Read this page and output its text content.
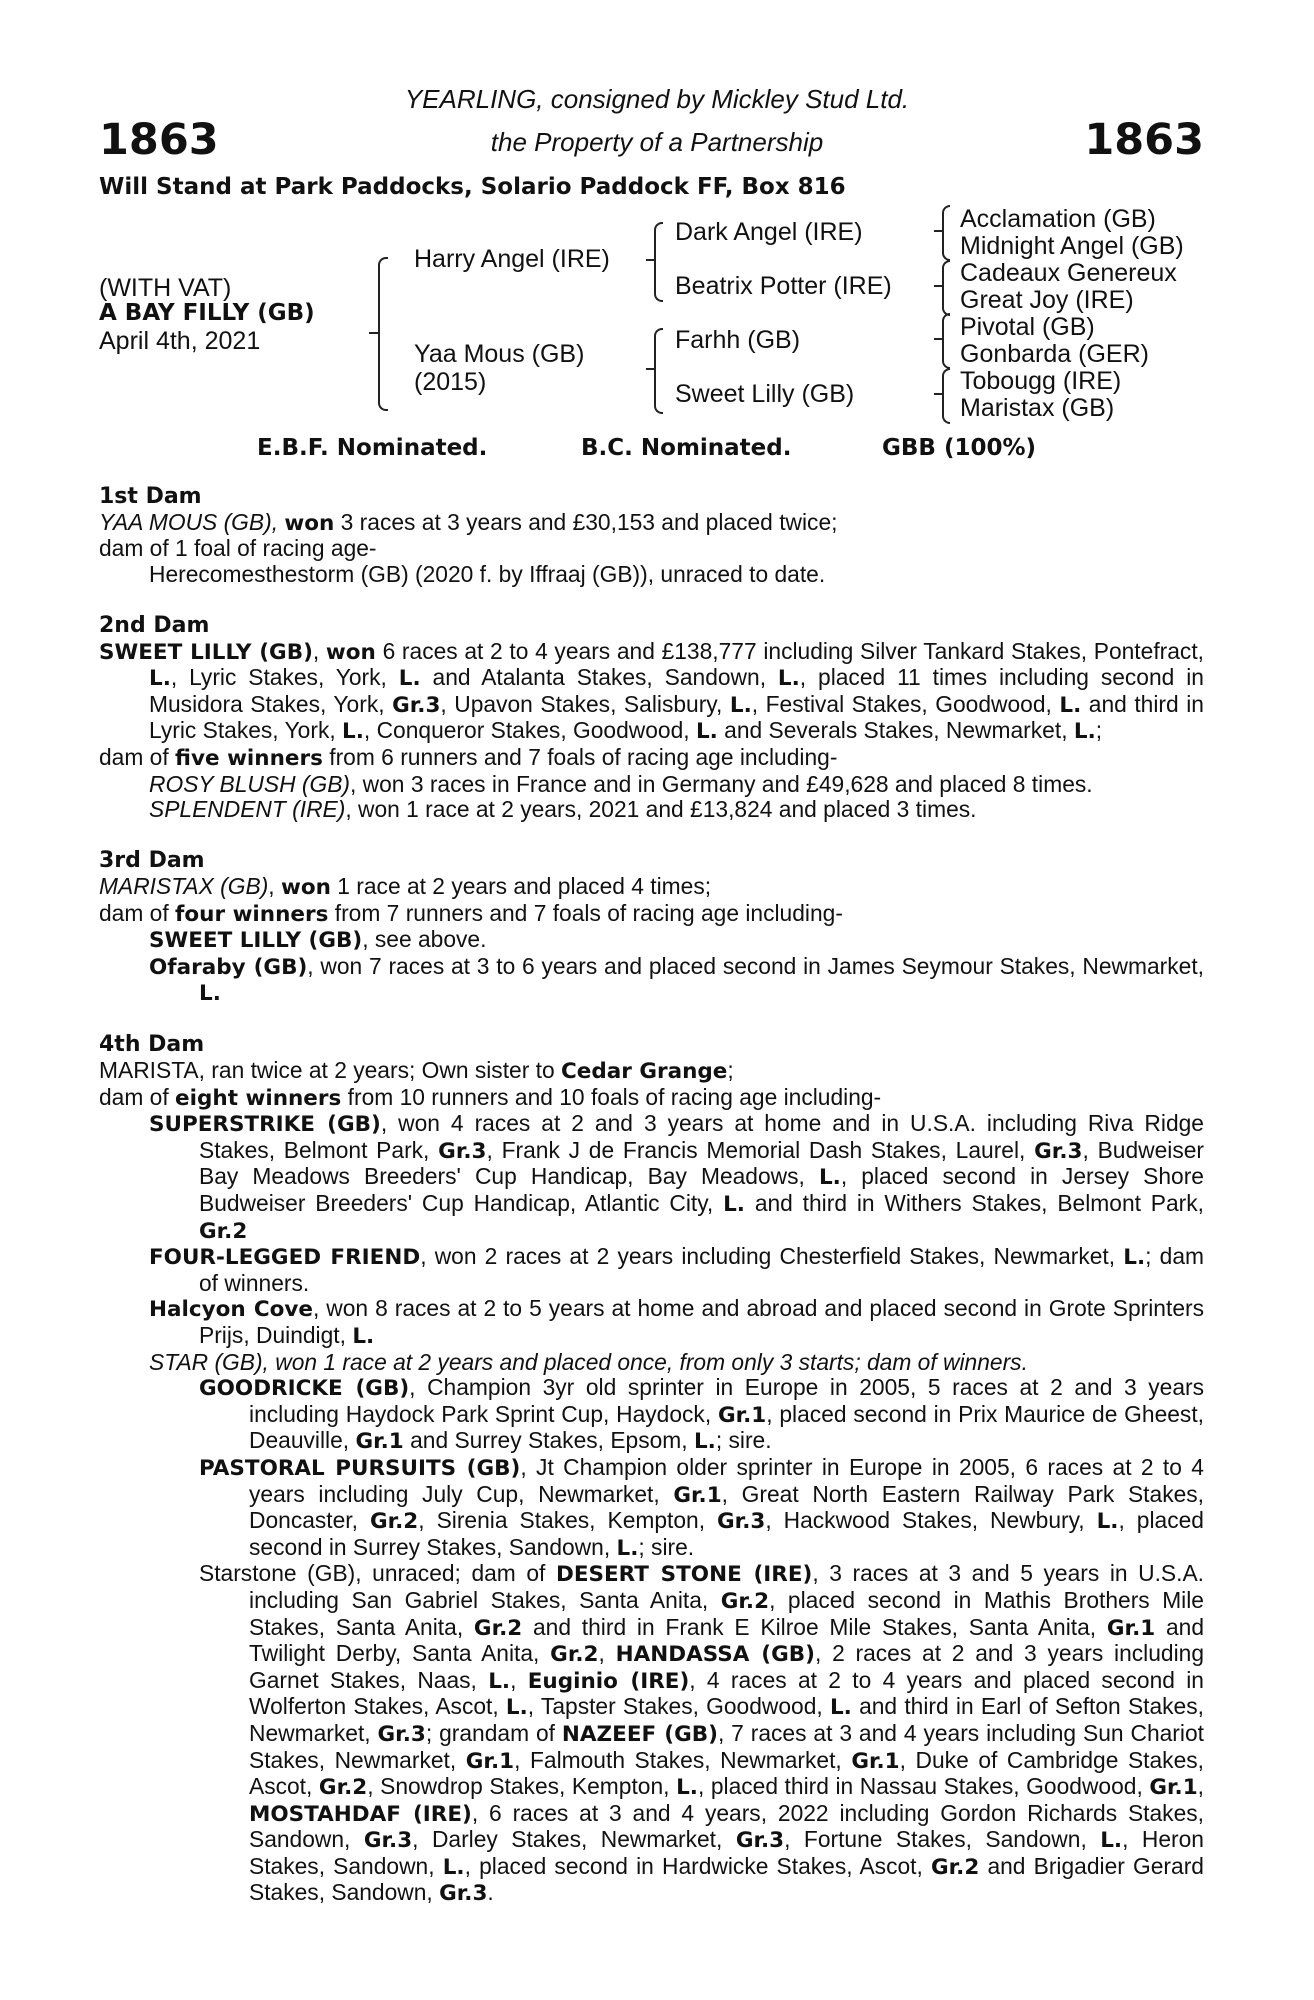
1863	1863
YEARLING, consigned by Mickley Stud Ltd.
the Property of a Partnership
Will Stand at Park Paddocks, Solario Paddock FF, Box 816
(WITH VAT)
A BAY FILLY (GB)
April 4th, 2021
Harry Angel (IRE)
Yaa Mous (GB)
(2015)
Dark Angel (IRE)
Beatrix Potter (IRE)
Farhh (GB)
Sweet Lilly (GB)
Acclamation (GB)
Midnight Angel (GB)
Cadeaux Genereux
Great Joy (IRE)
Pivotal (GB)
Gonbarda (GER)
Tobougg (IRE)
Maristax (GB)
E.B.F. Nominated.	B.C. Nominated.	GBB (100%)
1st Dam

YAA MOUS (GB), won 3 races at 3 years and £30,153 and placed twice;

dam of 1 foal of racing age-

Herecomesthestorm (GB) (2020 f. by Iffraaj (GB)), unraced to date.

2nd Dam

SWEET LILLY (GB), won 6 races at 2 to 4 years and £138,777 including Silver Tankard Stakes, Pontefract, L., Lyric Stakes, York, L. and Atalanta Stakes, Sandown, L., placed 11 times including second in Musidora Stakes, York, Gr.3, Upavon Stakes, Salisbury, L., Festival Stakes, Goodwood, L. and third in Lyric Stakes, York, L., Conqueror Stakes, Goodwood, L. and Severals Stakes, Newmarket, L.;

dam of five winners from 6 runners and 7 foals of racing age including-

ROSY BLUSH (GB), won 3 races in France and in Germany and £49,628 and placed 8 times.

SPLENDENT (IRE), won 1 race at 2 years, 2021 and £13,824 and placed 3 times.

3rd Dam

MARISTAX (GB), won 1 race at 2 years and placed 4 times;

dam of four winners from 7 runners and 7 foals of racing age including-

SWEET LILLY (GB), see above.

Ofaraby (GB), won 7 races at 3 to 6 years and placed second in James Seymour Stakes, Newmarket, L.

4th Dam

MARISTA, ran twice at 2 years; Own sister to Cedar Grange;

dam of eight winners from 10 runners and 10 foals of racing age including-

SUPERSTRIKE (GB), won 4 races at 2 and 3 years at home and in U.S.A. including Riva Ridge Stakes, Belmont Park, Gr.3, Frank J de Francis Memorial Dash Stakes, Laurel, Gr.3, Budweiser Bay Meadows Breeders' Cup Handicap, Bay Meadows, L., placed second in Jersey Shore Budweiser Breeders' Cup Handicap, Atlantic City, L. and third in Withers Stakes, Belmont Park, Gr.2

FOUR-LEGGED FRIEND, won 2 races at 2 years including Chesterfield Stakes, Newmarket, L.; dam of winners.

Halcyon Cove, won 8 races at 2 to 5 years at home and abroad and placed second in Grote Sprinters Prijs, Duindigt, L.

STAR (GB), won 1 race at 2 years and placed once, from only 3 starts; dam of winners.

GOODRICKE (GB), Champion 3yr old sprinter in Europe in 2005, 5 races at 2 and 3 years including Haydock Park Sprint Cup, Haydock, Gr.1, placed second in Prix Maurice de Gheest, Deauville, Gr.1 and Surrey Stakes, Epsom, L.; sire.

PASTORAL PURSUITS (GB), Jt Champion older sprinter in Europe in 2005, 6 races at 2 to 4 years including July Cup, Newmarket, Gr.1, Great North Eastern Railway Park Stakes, Doncaster, Gr.2, Sirenia Stakes, Kempton, Gr.3, Hackwood Stakes, Newbury, L., placed second in Surrey Stakes, Sandown, L.; sire.

Starstone (GB), unraced; dam of DESERT STONE (IRE), 3 races at 3 and 5 years in U.S.A. including San Gabriel Stakes, Santa Anita, Gr.2, placed second in Mathis Brothers Mile Stakes, Santa Anita, Gr.2 and third in Frank E Kilroe Mile Stakes, Santa Anita, Gr.1 and Twilight Derby, Santa Anita, Gr.2, HANDASSA (GB), 2 races at 2 and 3 years including Garnet Stakes, Naas, L., Euginio (IRE), 4 races at 2 to 4 years and placed second in Wolferton Stakes, Ascot, L., Tapster Stakes, Goodwood, L. and third in Earl of Sefton Stakes, Newmarket, Gr.3; grandam of NAZEEF (GB), 7 races at 3 and 4 years including Sun Chariot Stakes, Newmarket, Gr.1, Falmouth Stakes, Newmarket, Gr.1, Duke of Cambridge Stakes, Ascot, Gr.2, Snowdrop Stakes, Kempton, L., placed third in Nassau Stakes, Goodwood, Gr.1, MOSTAHDAF (IRE), 6 races at 3 and 4 years, 2022 including Gordon Richards Stakes, Sandown, Gr.3, Darley Stakes, Newmarket, Gr.3, Fortune Stakes, Sandown, L., Heron Stakes, Sandown, L., placed second in Hardwicke Stakes, Ascot, Gr.2 and Brigadier Gerard Stakes, Sandown, Gr.3.
